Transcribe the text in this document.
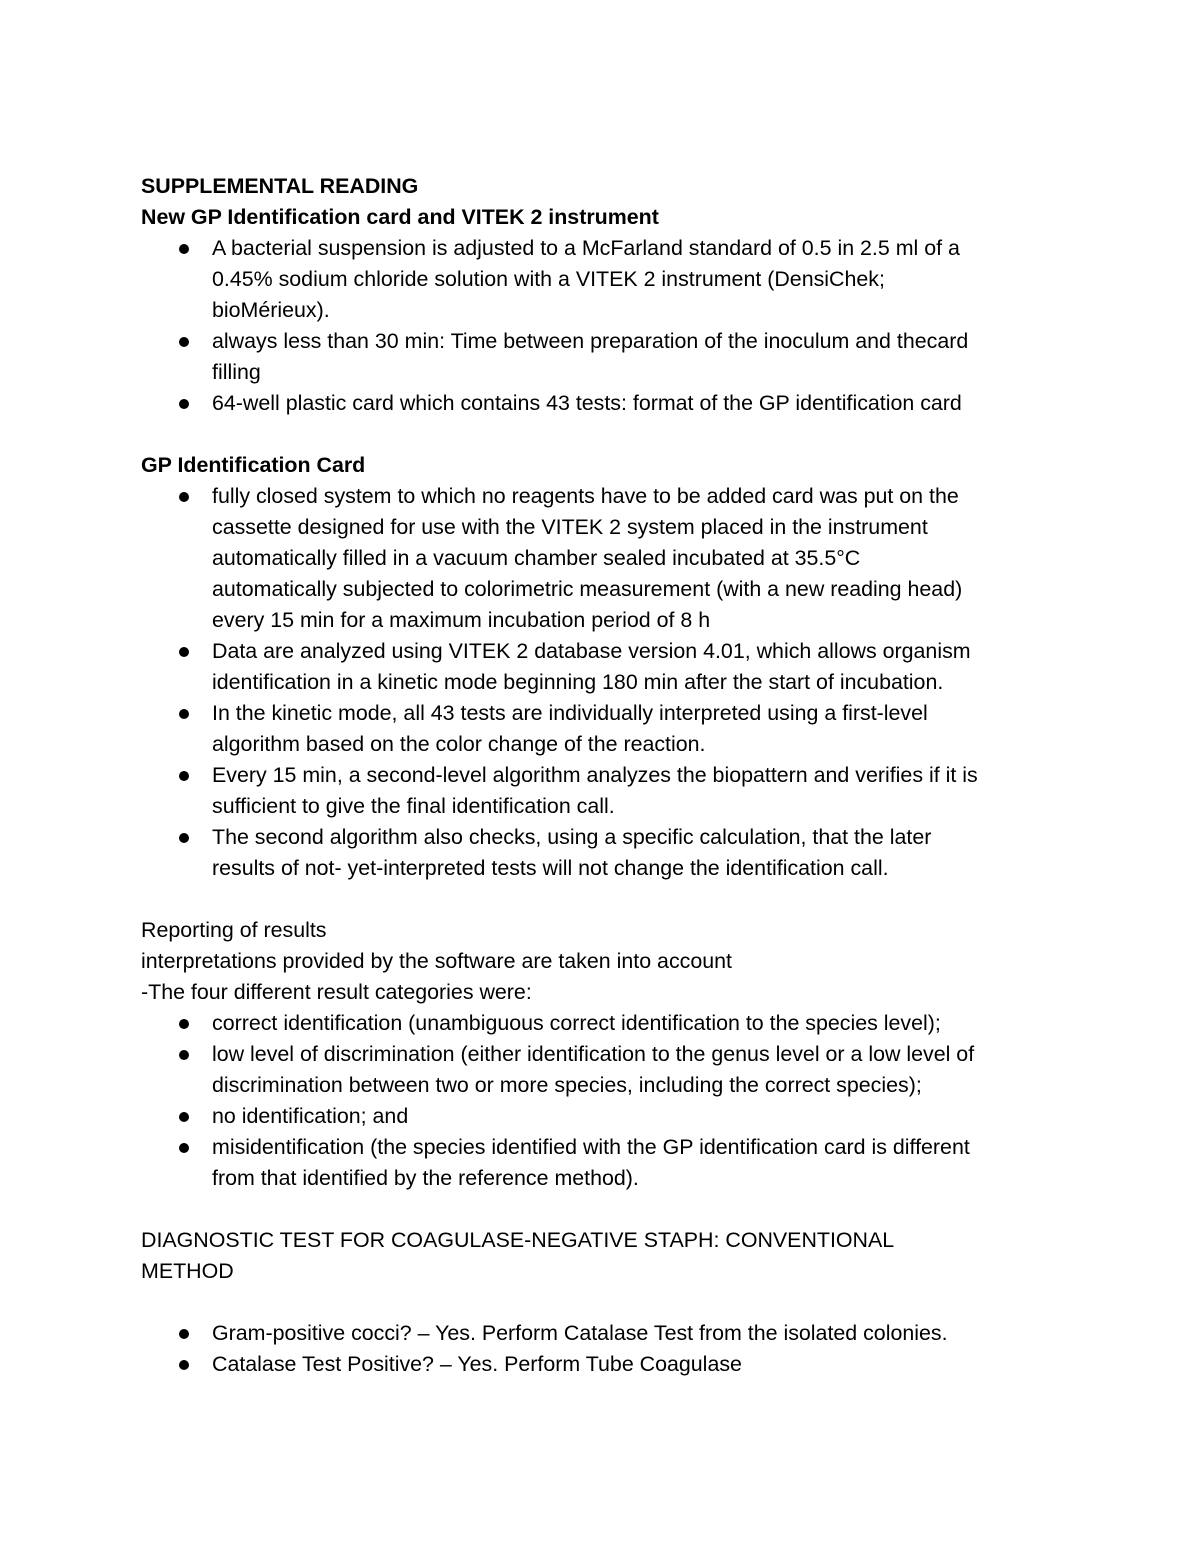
SUPPLEMENTAL READING

New GP Identification card and VITEK 2 instrument

A bacterial suspension is adjusted to a McFarland standard of 0.5 in 2.5 ml of a
0.45% sodium chloride solution with a VITEK 2 instrument (DensiChek;
bioMérieux).
always less than 30 min: Time between preparation of the inoculum and thecard
filling
64-well plastic card which contains 43 tests: format of the GP identification card

GP Identification Card

fully closed system to which no reagents have to be added card was put on the
cassette designed for use with the VITEK 2 system placed in the instrument
automatically filled in a vacuum chamber sealed incubated at 35.5°C
automatically subjected to colorimetric measurement (with a new reading head)
every 15 min for a maximum incubation period of 8 h
Data are analyzed using VITEK 2 database version 4.01, which allows organism
identification in a kinetic mode beginning 180 min after the start of incubation.
In the kinetic mode, all 43 tests are individually interpreted using a first-level
algorithm based on the color change of the reaction.
Every 15 min, a second-level algorithm analyzes the biopattern and verifies if it is
sufficient to give the final identification call.
The second algorithm also checks, using a specific calculation, that the later
results of not- yet-interpreted tests will not change the identification call.

Reporting of results

interpretations provided by the software are taken into account

-The four different result categories were:

correct identification (unambiguous correct identification to the species level);
low level of discrimination (either identification to the genus level or a low level of
discrimination between two or more species, including the correct species);
no identification; and
misidentification (the species identified with the GP identification card is different
from that identified by the reference method).

DIAGNOSTIC TEST FOR COAGULASE-NEGATIVE STAPH: CONVENTIONAL

METHOD

Gram-positive cocci? – Yes. Perform Catalase Test from the isolated colonies.
Catalase Test Positive? – Yes. Perform Tube Coagulase
